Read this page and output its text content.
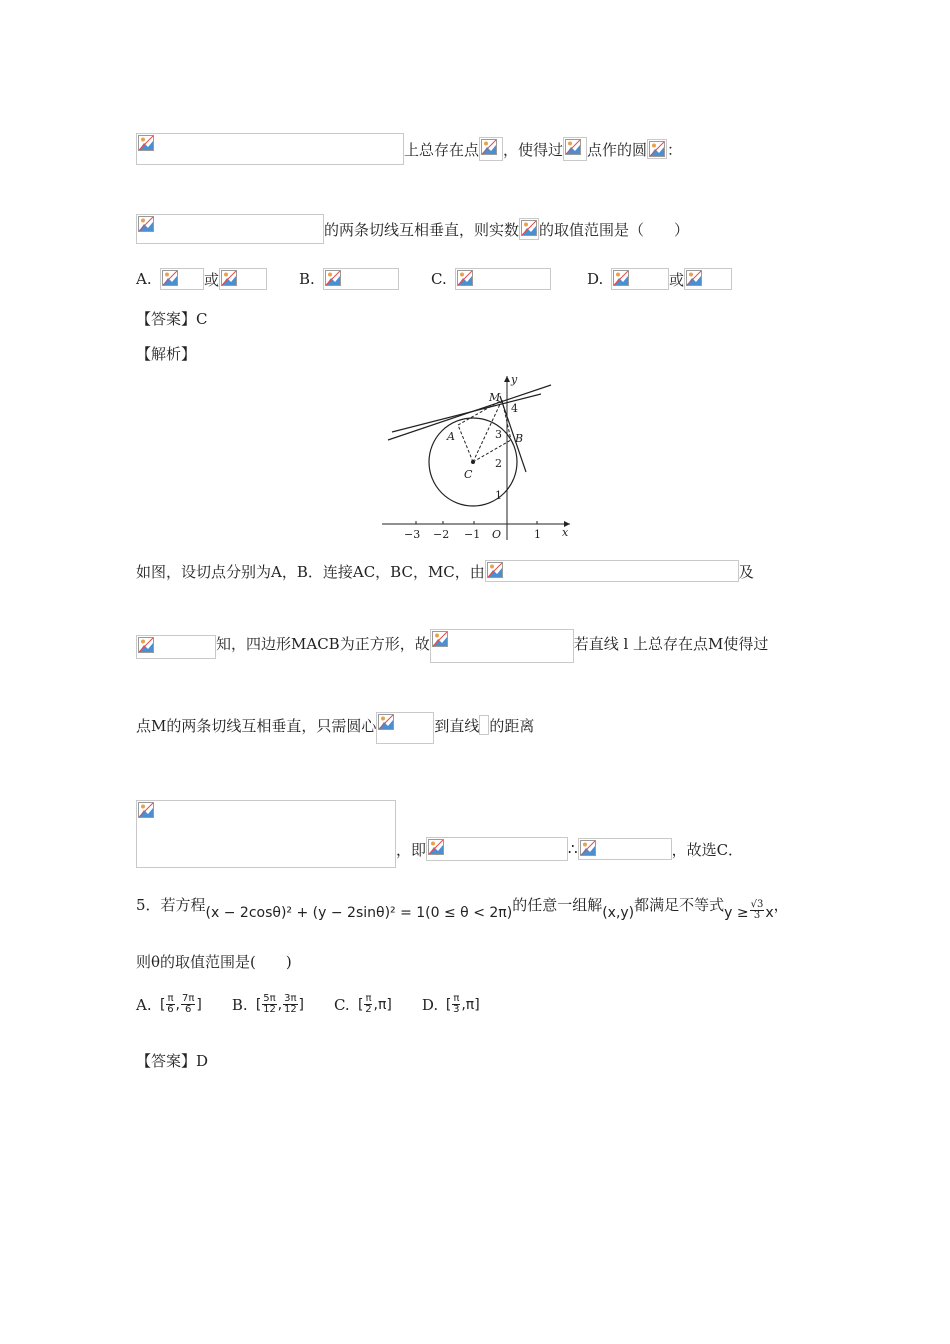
上总存在点 ，使得过 点作的圆 ：
的两条切线互相垂直，则实数 的取值范围是（　　）
A.	或	B.	C.	D.	或
【答案】C
【解析】
y
x
−3 −2 −1	1
O
4
3
2
1
C
M
A	B
如图，设切点分别为A，B．连接AC，BC，MC，由	及
知，四边形MACB为正方形，故	若直线 l 上总存在点M使得过
点M的两条切线互相垂直，只需圆心	到直线 的距离
，即	∴	，故选C．
5．若方程 (x − 2cosθ)² + (y − 2sinθ)² = 1(0 ≤ θ < 2π) 的任意一组解 (x,y) 都满足不等式 $y \ge \frac{√3}{3}$ x ，
则θ的取值范围是(　　)
A. [ $\frac{\pi}{6}$ , $\frac{7\pi}{6}$ ] B. [ $\frac{5\pi}{12}$ , $\frac{3\pi}{12}$ ] C. [ $\frac{\pi}{2}$ , π ] D. [ $\frac{\pi}{3}$ , π ]
【答案】D
